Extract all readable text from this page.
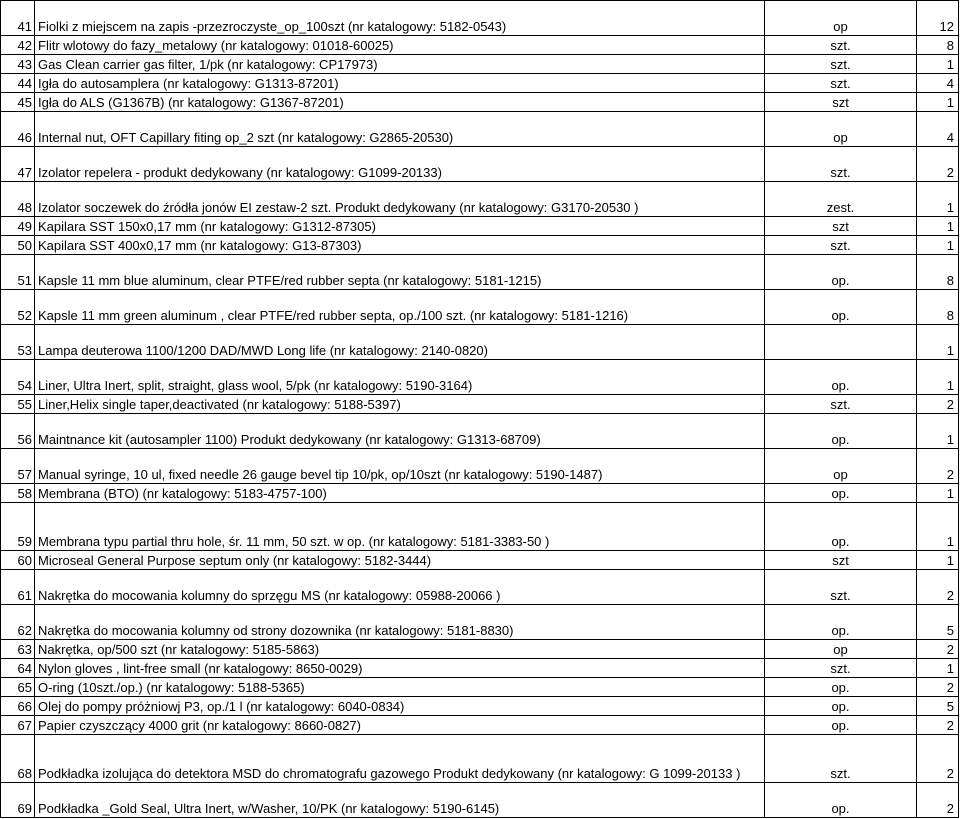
41	Fiolki z miejscem na zapis -przezroczyste_op_100szt (nr katalogowy: 5182-0543)	op	12
42	Flitr wlotowy do fazy_metalowy (nr katalogowy: 01018-60025)	szt.	8
43	Gas Clean carrier gas filter, 1/pk (nr katalogowy: CP17973)	szt.	1
44	Igła do autosamplera (nr katalogowy: G1313-87201)	szt.	4
45	Igła do ALS (G1367B) (nr katalogowy: G1367-87201)	szt	1
46	Internal nut, OFT Capillary fiting op_2 szt (nr katalogowy: G2865-20530)	op	4
47	Izolator repelera - produkt dedykowany (nr katalogowy: G1099-20133)	szt.	2
48	Izolator soczewek do źródła jonów EI zestaw-2 szt. Produkt dedykowany (nr katalogowy: G3170-20530 )	zest.	1
49	Kapilara SST 150x0,17 mm (nr katalogowy: G1312-87305)	szt	1
50	Kapilara SST 400x0,17 mm (nr katalogowy: G13-87303)	szt.	1
51	Kapsle 11 mm blue aluminum, clear PTFE/red rubber septa (nr katalogowy: 5181-1215)	op.	8
52	Kapsle 11 mm green aluminum , clear PTFE/red rubber septa, op./100 szt. (nr katalogowy: 5181-1216)	op.	8
53	Lampa deuterowa 1100/1200 DAD/MWD Long life (nr katalogowy: 2140-0820)		1
54	Liner, Ultra Inert, split, straight, glass wool, 5/pk (nr katalogowy: 5190-3164)	op.	1
55	Liner,Helix single taper,deactivated (nr katalogowy: 5188-5397)	szt.	2
56	Maintnance kit (autosampler 1100) Produkt dedykowany (nr katalogowy: G1313-68709)	op.	1
57	Manual syringe, 10 ul, fixed needle 26 gauge bevel tip 10/pk, op/10szt (nr katalogowy: 5190-1487)	op	2
58	Membrana (BTO) (nr katalogowy: 5183-4757-100)	op.	1
59	Membrana typu partial thru hole, śr. 11 mm, 50 szt. w op. (nr katalogowy: 5181-3383-50 )	op.	1
60	Microseal General Purpose septum only (nr katalogowy: 5182-3444)	szt	1
61	Nakrętka do mocowania kolumny do sprzęgu MS (nr katalogowy: 05988-20066 )	szt.	2
62	Nakrętka do mocowania kolumny od strony dozownika (nr katalogowy: 5181-8830)	op.	5
63	Nakrętka, op/500 szt (nr katalogowy: 5185-5863)	op	2
64	Nylon gloves , lint-free small (nr katalogowy: 8650-0029)	szt.	1
65	O-ring (10szt./op.) (nr katalogowy: 5188-5365)	op.	2
66	Olej do pompy próżniowj P3, op./1 l (nr katalogowy: 6040-0834)	op.	5
67	Papier czyszczący 4000 grit (nr katalogowy: 8660-0827)	op.	2
68	Podkładka izolująca do detektora MSD do chromatografu gazowego Produkt dedykowany (nr katalogowy: G 1099-20133 )	szt.	2
69	Podkładka _Gold Seal, Ultra Inert, w/Washer, 10/PK (nr katalogowy: 5190-6145)	op.	2
